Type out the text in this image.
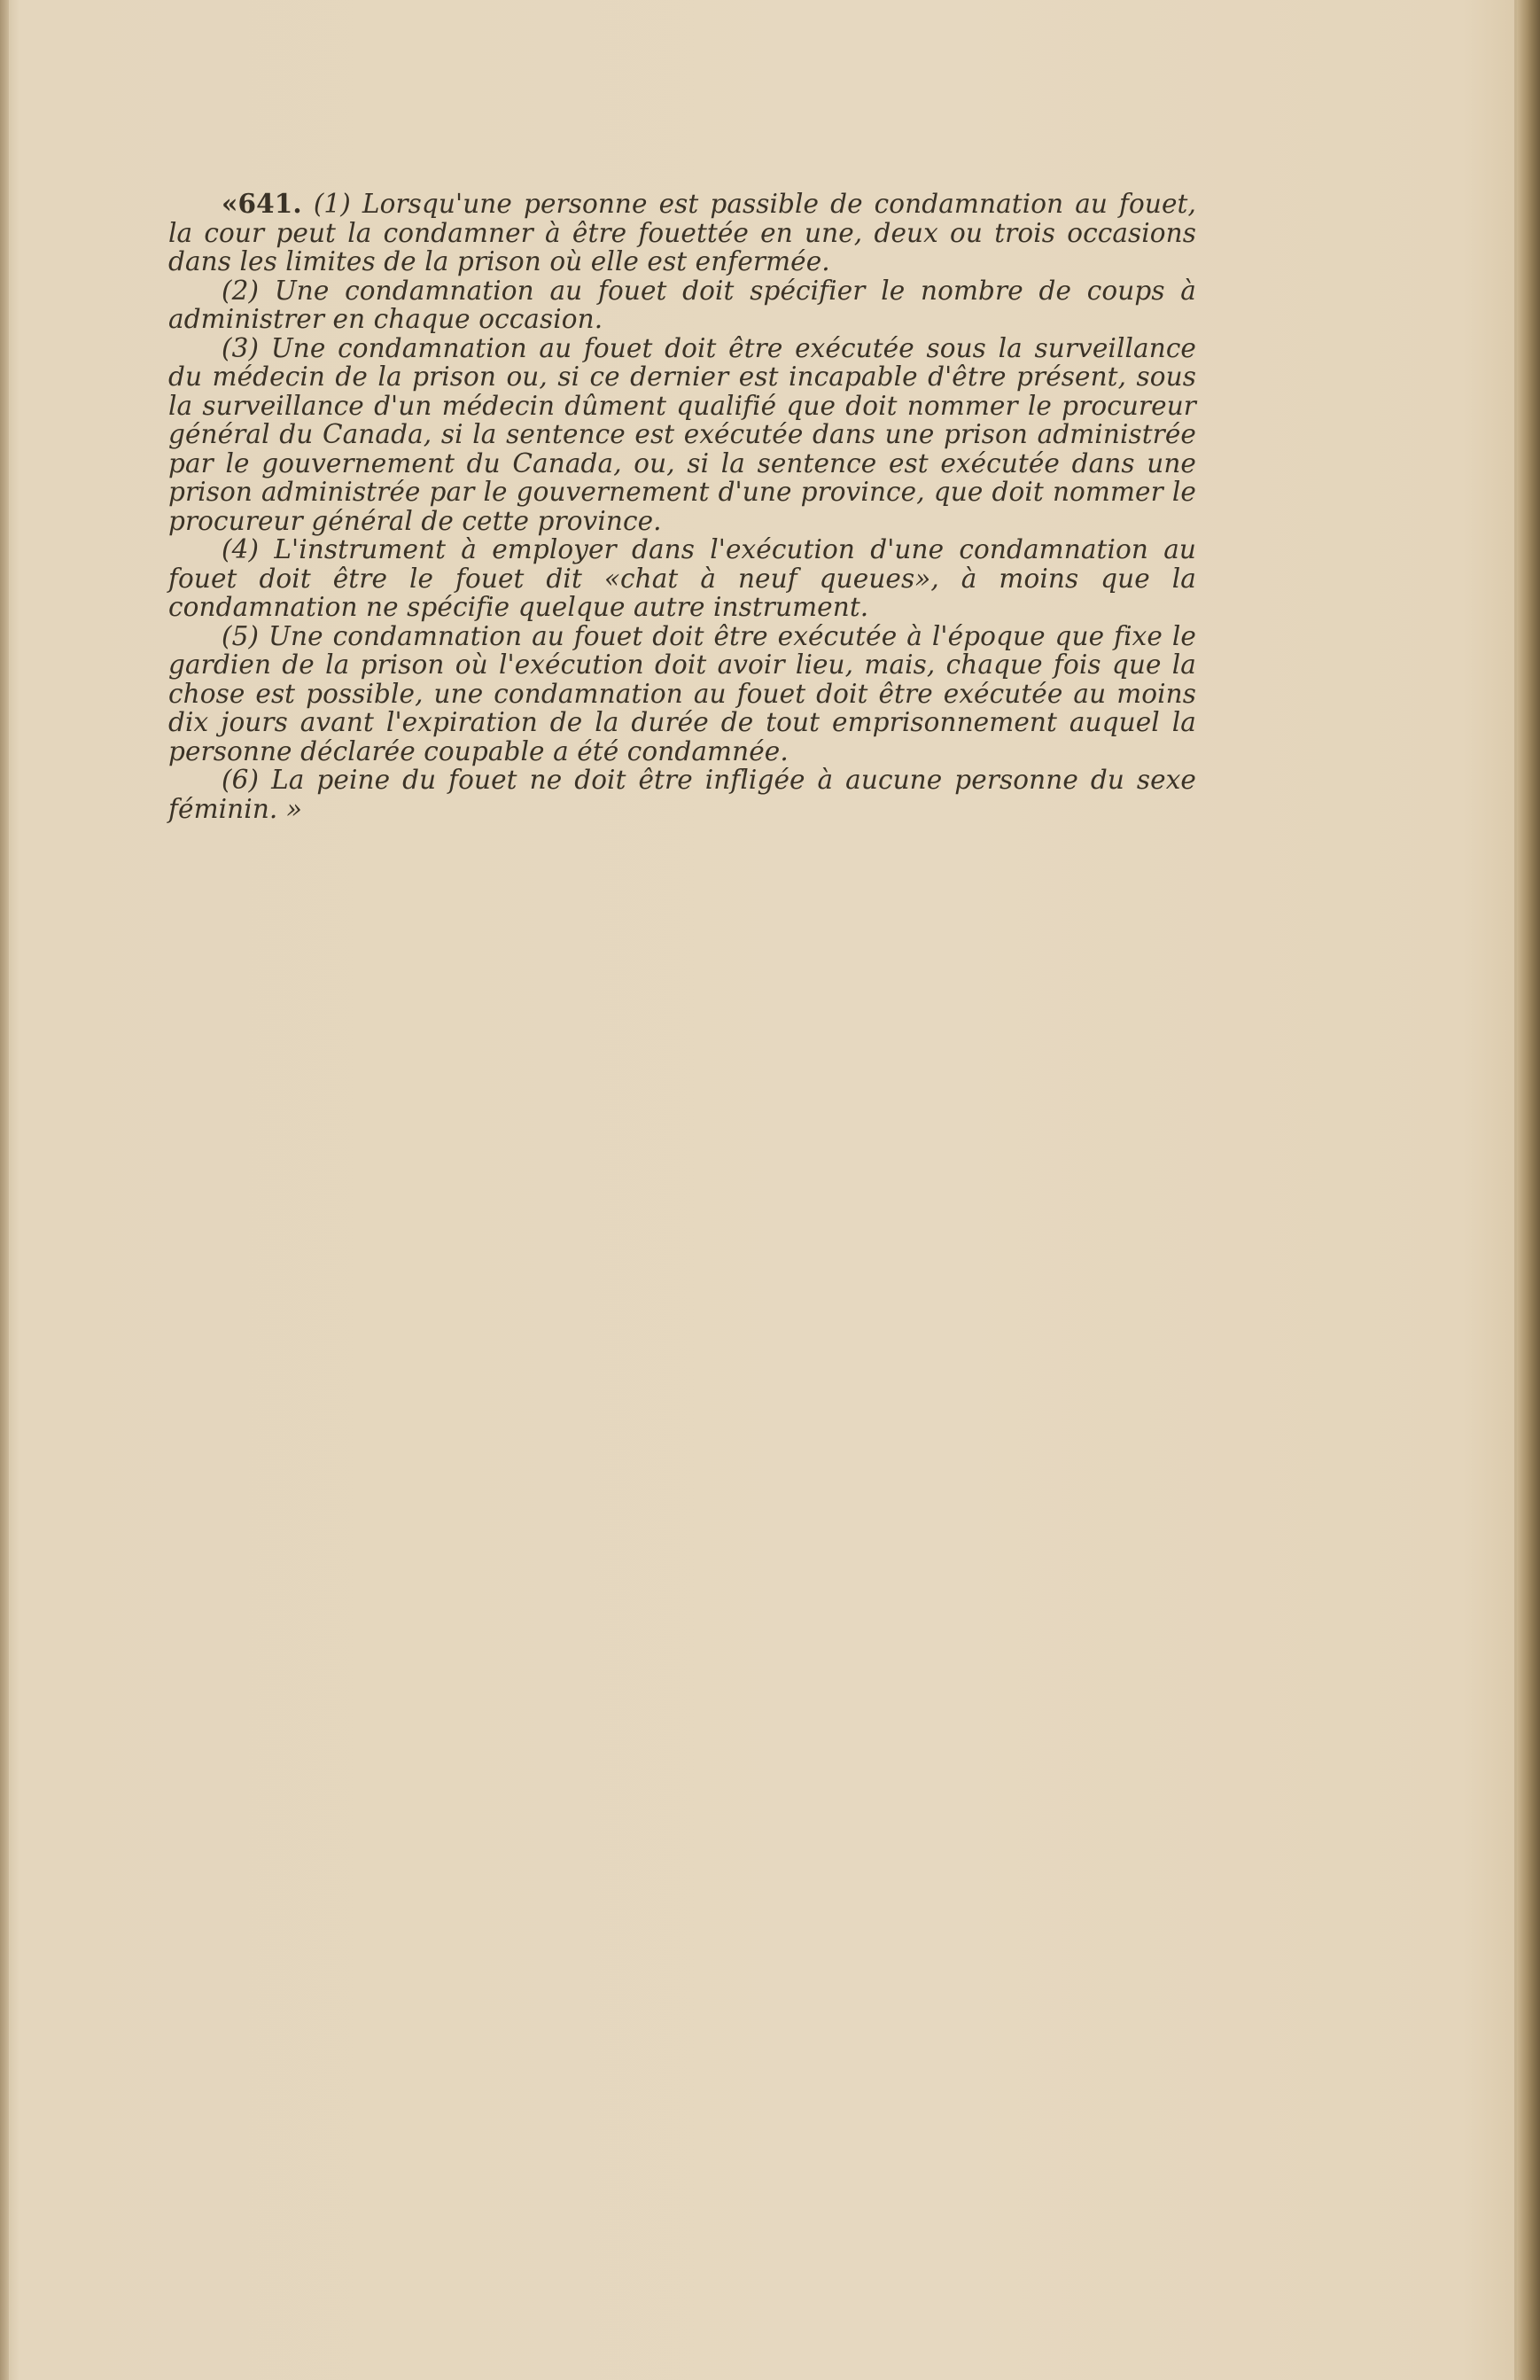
«641. (1) Lorsqu'une personne est passible de condamnation au fouet, la cour peut la condamner à être fouettée en une, deux ou trois occasions dans les limites de la prison où elle est enfermée.

(2) Une condamnation au fouet doit spécifier le nombre de coups à administrer en chaque occasion.

(3) Une condamnation au fouet doit être exécutée sous la surveillance du médecin de la prison ou, si ce dernier est incapable d'être présent, sous la surveillance d'un médecin dûment qualifié que doit nommer le procureur général du Canada, si la sentence est exécutée dans une prison administrée par le gouvernement du Canada, ou, si la sentence est exécutée dans une prison administrée par le gouvernement d'une province, que doit nommer le procureur général de cette province.

(4) L'instrument à employer dans l'exécution d'une condamnation au fouet doit être le fouet dit «chat à neuf queues», à moins que la condamnation ne spécifie quelque autre instrument.

(5) Une condamnation au fouet doit être exécutée à l'époque que fixe le gardien de la prison où l'exécution doit avoir lieu, mais, chaque fois que la chose est possible, une condamnation au fouet doit être exécutée au moins dix jours avant l'expiration de la durée de tout emprisonnement auquel la personne déclarée coupable a été condamnée.

(6) La peine du fouet ne doit être infligée à aucune personne du sexe féminin. »
